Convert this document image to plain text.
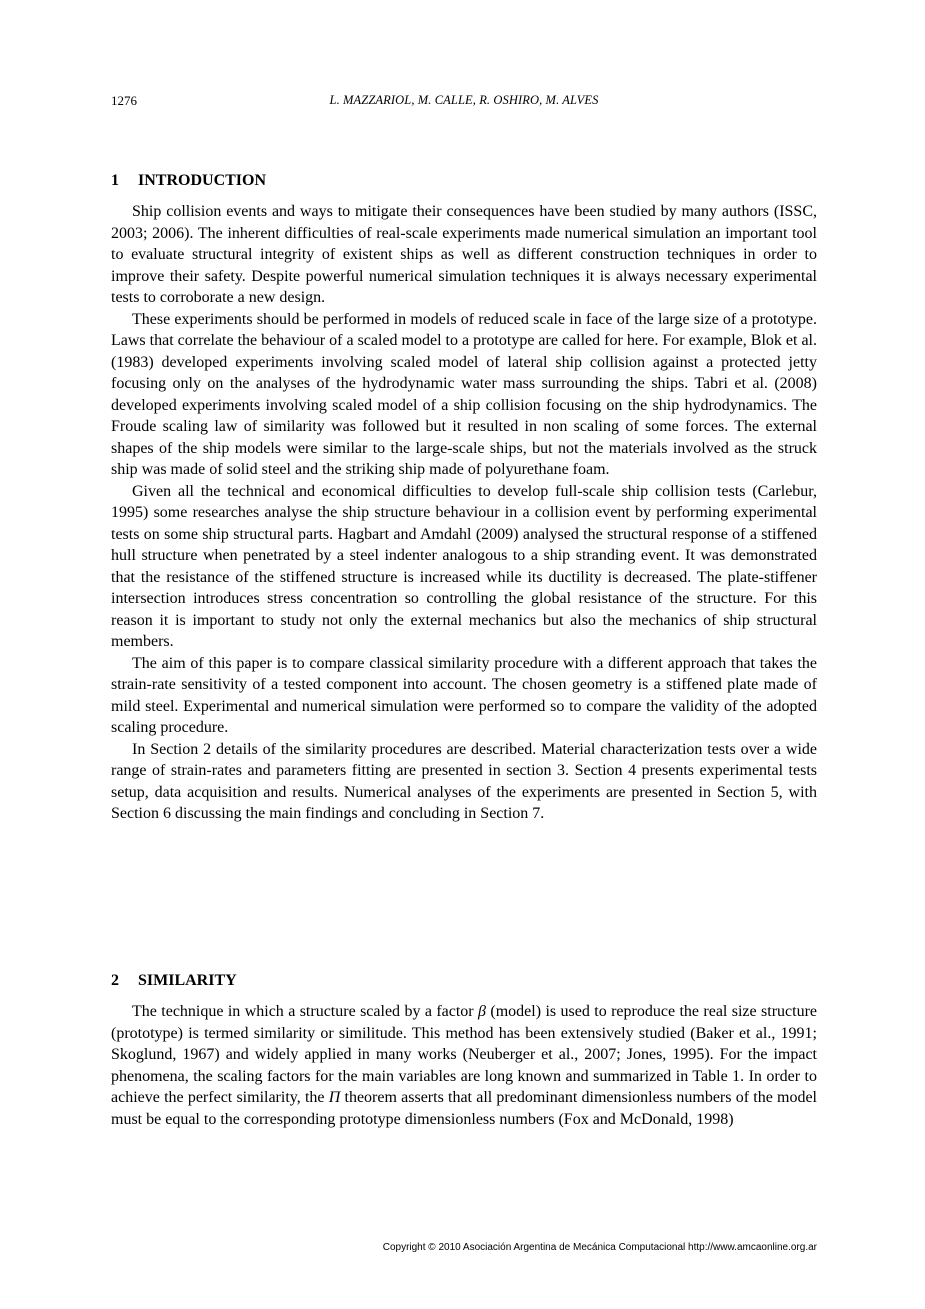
1276	L. MAZZARIOL, M. CALLE, R. OSHIRO, M. ALVES
1 INTRODUCTION

Ship collision events and ways to mitigate their consequences have been studied by many authors (ISSC, 2003; 2006). The inherent difficulties of real-scale experiments made numerical simulation an important tool to evaluate structural integrity of existent ships as well as different construction techniques in order to improve their safety. Despite powerful numerical simulation techniques it is always necessary experimental tests to corroborate a new design.

These experiments should be performed in models of reduced scale in face of the large size of a prototype. Laws that correlate the behaviour of a scaled model to a prototype are called for here. For example, Blok et al. (1983) developed experiments involving scaled model of lateral ship collision against a protected jetty focusing only on the analyses of the hydrodynamic water mass surrounding the ships. Tabri et al. (2008) developed experiments involving scaled model of a ship collision focusing on the ship hydrodynamics. The Froude scaling law of similarity was followed but it resulted in non scaling of some forces. The external shapes of the ship models were similar to the large-scale ships, but not the materials involved as the struck ship was made of solid steel and the striking ship made of polyurethane foam.

Given all the technical and economical difficulties to develop full-scale ship collision tests (Carlebur, 1995) some researches analyse the ship structure behaviour in a collision event by performing experimental tests on some ship structural parts. Hagbart and Amdahl (2009) analysed the structural response of a stiffened hull structure when penetrated by a steel indenter analogous to a ship stranding event. It was demonstrated that the resistance of the stiffened structure is increased while its ductility is decreased. The plate-stiffener intersection introduces stress concentration so controlling the global resistance of the structure. For this reason it is important to study not only the external mechanics but also the mechanics of ship structural members.

The aim of this paper is to compare classical similarity procedure with a different approach that takes the strain-rate sensitivity of a tested component into account. The chosen geometry is a stiffened plate made of mild steel. Experimental and numerical simulation were performed so to compare the validity of the adopted scaling procedure.

In Section 2 details of the similarity procedures are described. Material characterization tests over a wide range of strain-rates and parameters fitting are presented in section 3. Section 4 presents experimental tests setup, data acquisition and results. Numerical analyses of the experiments are presented in Section 5, with Section 6 discussing the main findings and concluding in Section 7.

2 SIMILARITY

The technique in which a structure scaled by a factor β (model) is used to reproduce the real size structure (prototype) is termed similarity or similitude. This method has been extensively studied (Baker et al., 1991; Skoglund, 1967) and widely applied in many works (Neuberger et al., 2007; Jones, 1995). For the impact phenomena, the scaling factors for the main variables are long known and summarized in Table 1. In order to achieve the perfect similarity, the Π theorem asserts that all predominant dimensionless numbers of the model must be equal to the corresponding prototype dimensionless numbers (Fox and McDonald, 1998)

Copyright © 2010 Asociación Argentina de Mecánica Computacional http://www.amcaonline.org.ar
